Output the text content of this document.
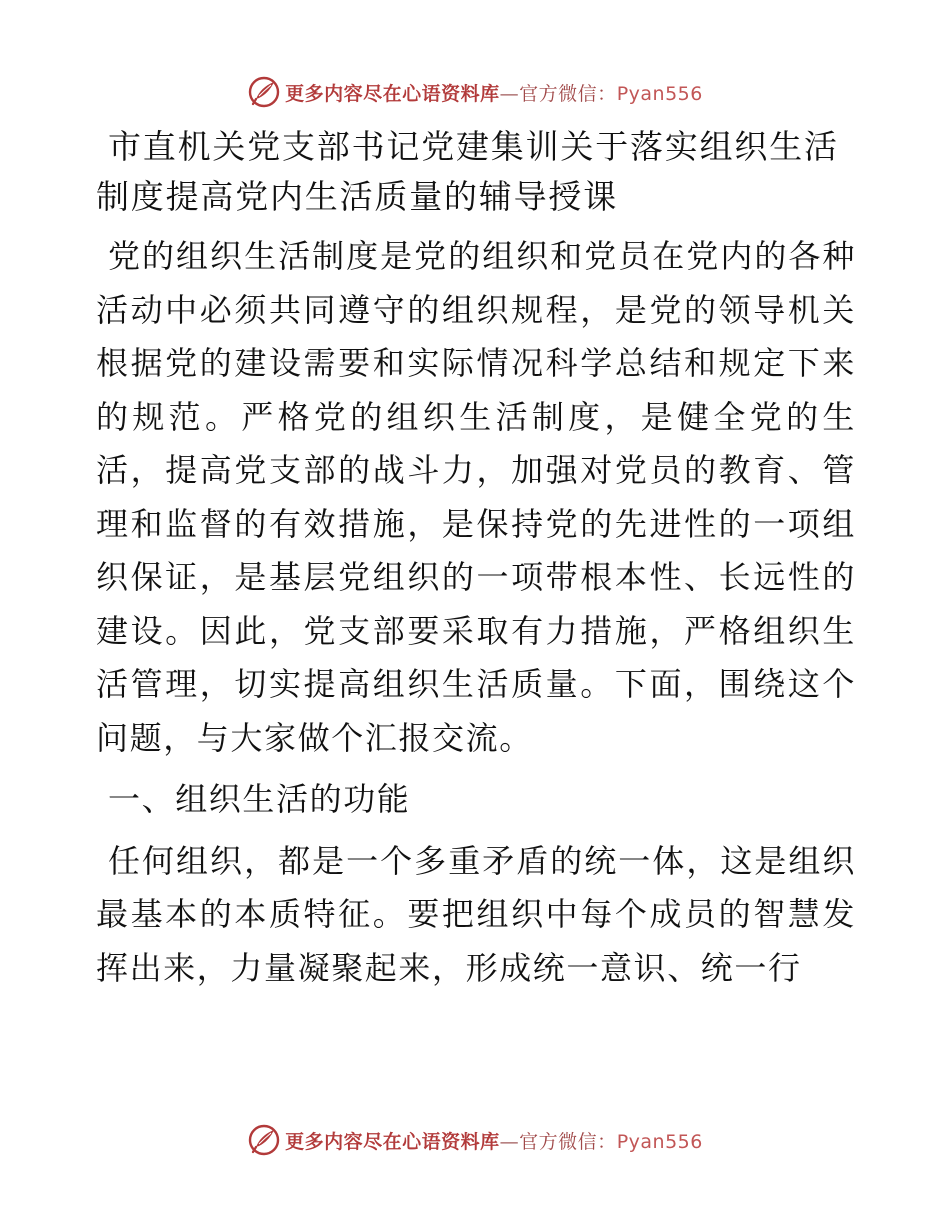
更多内容尽在心语资料库—官方微信：Pyan556
市直机关党支部书记党建集训关于落实组织生活制度提高党内生活质量的辅导授课

党的组织生活制度是党的组织和党员在党内的各种活动中必须共同遵守的组织规程，是党的领导机关根据党的建设需要和实际情况科学总结和规定下来的规范。严格党的组织生活制度，是健全党的生活，提高党支部的战斗力，加强对党员的教育、管理和监督的有效措施，是保持党的先进性的一项组织保证，是基层党组织的一项带根本性、长远性的建设。因此，党支部要采取有力措施，严格组织生活管理，切实提高组织生活质量。下面，围绕这个问题，与大家做个汇报交流。

一、组织生活的功能

任何组织，都是一个多重矛盾的统一体，这是组织最基本的本质特征。要把组织中每个成员的智慧发挥出来，力量凝聚起来，形成统一意识、统一行

更多内容尽在心语资料库—官方微信：Pyan556
